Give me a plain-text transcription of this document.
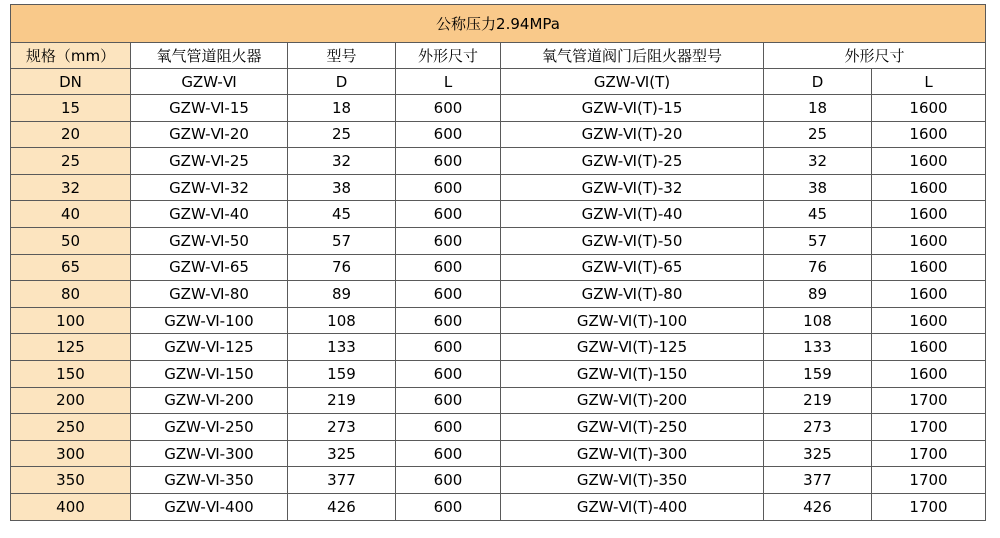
公称压力2.94MPa						
规格（mm）	氧气管道阻火器	型号	外形尺寸	氧气管道阀门后阻火器型号	外形尺寸	
DN	GZW-Ⅵ	D	L	GZW-Ⅵ(T)	D	L
15	GZW-Ⅵ-15	18	600	GZW-Ⅵ(T)-15	18	1600
20	GZW-Ⅵ-20	25	600	GZW-Ⅵ(T)-20	25	1600
25	GZW-Ⅵ-25	32	600	GZW-Ⅵ(T)-25	32	1600
32	GZW-Ⅵ-32	38	600	GZW-Ⅵ(T)-32	38	1600
40	GZW-Ⅵ-40	45	600	GZW-Ⅵ(T)-40	45	1600
50	GZW-Ⅵ-50	57	600	GZW-Ⅵ(T)-50	57	1600
65	GZW-Ⅵ-65	76	600	GZW-Ⅵ(T)-65	76	1600
80	GZW-Ⅵ-80	89	600	GZW-Ⅵ(T)-80	89	1600
100	GZW-Ⅵ-100	108	600	GZW-Ⅵ(T)-100	108	1600
125	GZW-Ⅵ-125	133	600	GZW-Ⅵ(T)-125	133	1600
150	GZW-Ⅵ-150	159	600	GZW-Ⅵ(T)-150	159	1600
200	GZW-Ⅵ-200	219	600	GZW-Ⅵ(T)-200	219	1700
250	GZW-Ⅵ-250	273	600	GZW-Ⅵ(T)-250	273	1700
300	GZW-Ⅵ-300	325	600	GZW-Ⅵ(T)-300	325	1700
350	GZW-Ⅵ-350	377	600	GZW-Ⅵ(T)-350	377	1700
400	GZW-Ⅵ-400	426	600	GZW-Ⅵ(T)-400	426	1700
